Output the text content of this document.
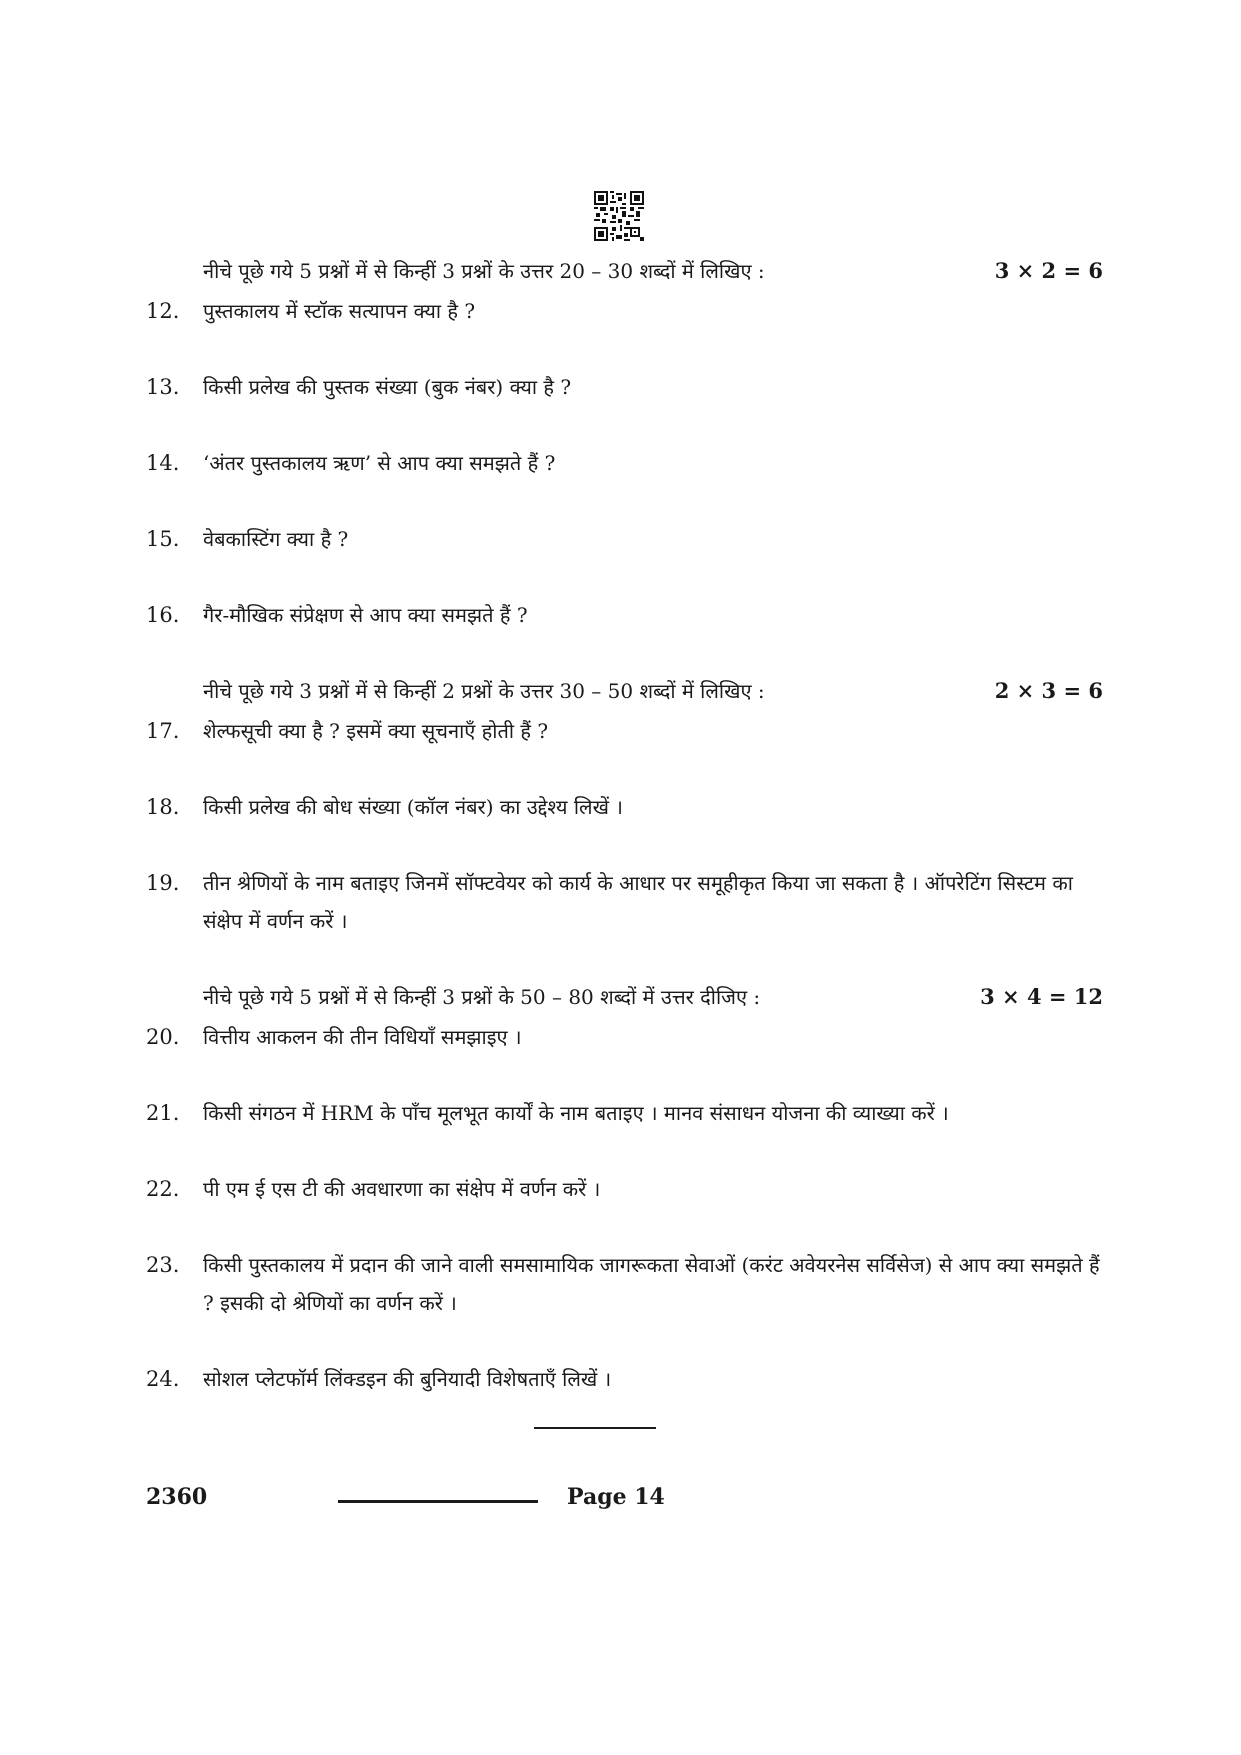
नीचे पूछे गये 5 प्रश्नों में से किन्हीं 3 प्रश्नों के उत्तर 20 – 30 शब्दों में लिखिए :	3 × 2 = 6
12.	पुस्तकालय में स्टॉक सत्यापन क्या है ?
13.	किसी प्रलेख की पुस्तक संख्या (बुक नंबर) क्या है ?
14.	‘अंतर पुस्तकालय ऋण’ से आप क्या समझते हैं ?
15.	वेबकास्टिंग क्या है ?
16.	गैर-मौखिक संप्रेक्षण से आप क्या समझते हैं ?
नीचे पूछे गये 3 प्रश्नों में से किन्हीं 2 प्रश्नों के उत्तर 30 – 50 शब्दों में लिखिए :	2 × 3 = 6
17.	शेल्फसूची क्या है ? इसमें क्या सूचनाएँ होती हैं ?
18.	किसी प्रलेख की बोध संख्या (कॉल नंबर) का उद्देश्य लिखें ।
19.	तीन श्रेणियों के नाम बताइए जिनमें सॉफ्टवेयर को कार्य के आधार पर समूहीकृत किया जा सकता है । ऑपरेटिंग सिस्टम का संक्षेप में वर्णन करें ।
नीचे पूछे गये 5 प्रश्नों में से किन्हीं 3 प्रश्नों के 50 – 80 शब्दों में उत्तर दीजिए :	3 × 4 = 12
20.	वित्तीय आकलन की तीन विधियाँ समझाइए ।
21.	किसी संगठन में HRM के पाँच मूलभूत कार्यों के नाम बताइए । मानव संसाधन योजना की व्याख्या करें ।
22.	पी एम ई एस टी की अवधारणा का संक्षेप में वर्णन करें ।
23.	किसी पुस्तकालय में प्रदान की जाने वाली समसामायिक जागरूकता सेवाओं (करंट अवेयरनेस सर्विसेज) से आप क्या समझते हैं ? इसकी दो श्रेणियों का वर्णन करें ।
24.	सोशल प्लेटफॉर्म लिंक्डइन की बुनियादी विशेषताएँ लिखें ।
2360	Page 14
